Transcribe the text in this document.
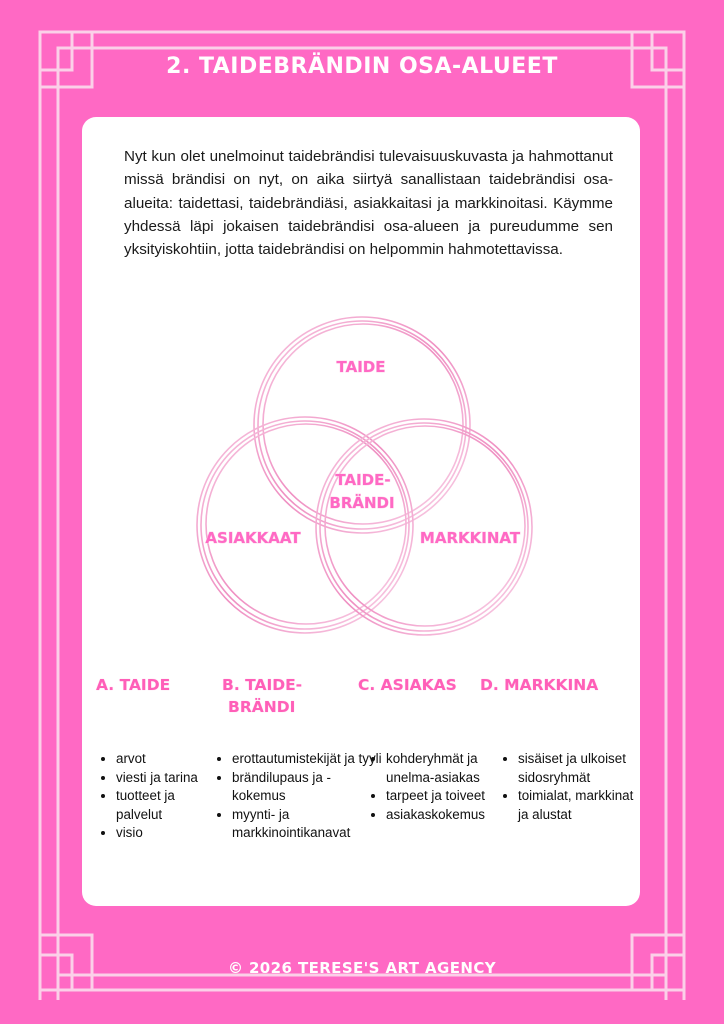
2. TAIDEBRÄNDIN OSA-ALUEET
Nyt kun olet unelmoinut taidebrändisi tulevaisuuskuvasta ja hahmottanut missä brändisi on nyt, on aika siirtyä sanallistaan taidebrändisi osa-alueita: taidettasi, taidebrändiäsi, asiakkaitasi ja markkinoitasi. Käymme yhdessä läpi jokaisen taidebrändisi osa-alueen ja pureudumme sen yksityiskohtiin, jotta taidebrändisi on helpommin hahmotettavissa.
TAIDE
TAIDE-
BRÄNDI
ASIAKKAAT	MARKKINAT
A. TAIDE	B. TAIDE-
BRÄNDI
C. ASIAKAS D. MARKKINA
• arvot
• viesti ja tarina
• tuotteet ja palvelut
• visio
• erottautumistekijät ja tyyli
• brändilupaus ja -kokemus
• myynti- ja markkinointikanavat
• kohderyhmät ja unelma-asiakas
• tarpeet ja toiveet
• asiakaskokemus
• sisäiset ja ulkoiset sidosryhmät
• toimialat, markkinat ja alustat
© 2026 TERESE'S ART AGENCY
